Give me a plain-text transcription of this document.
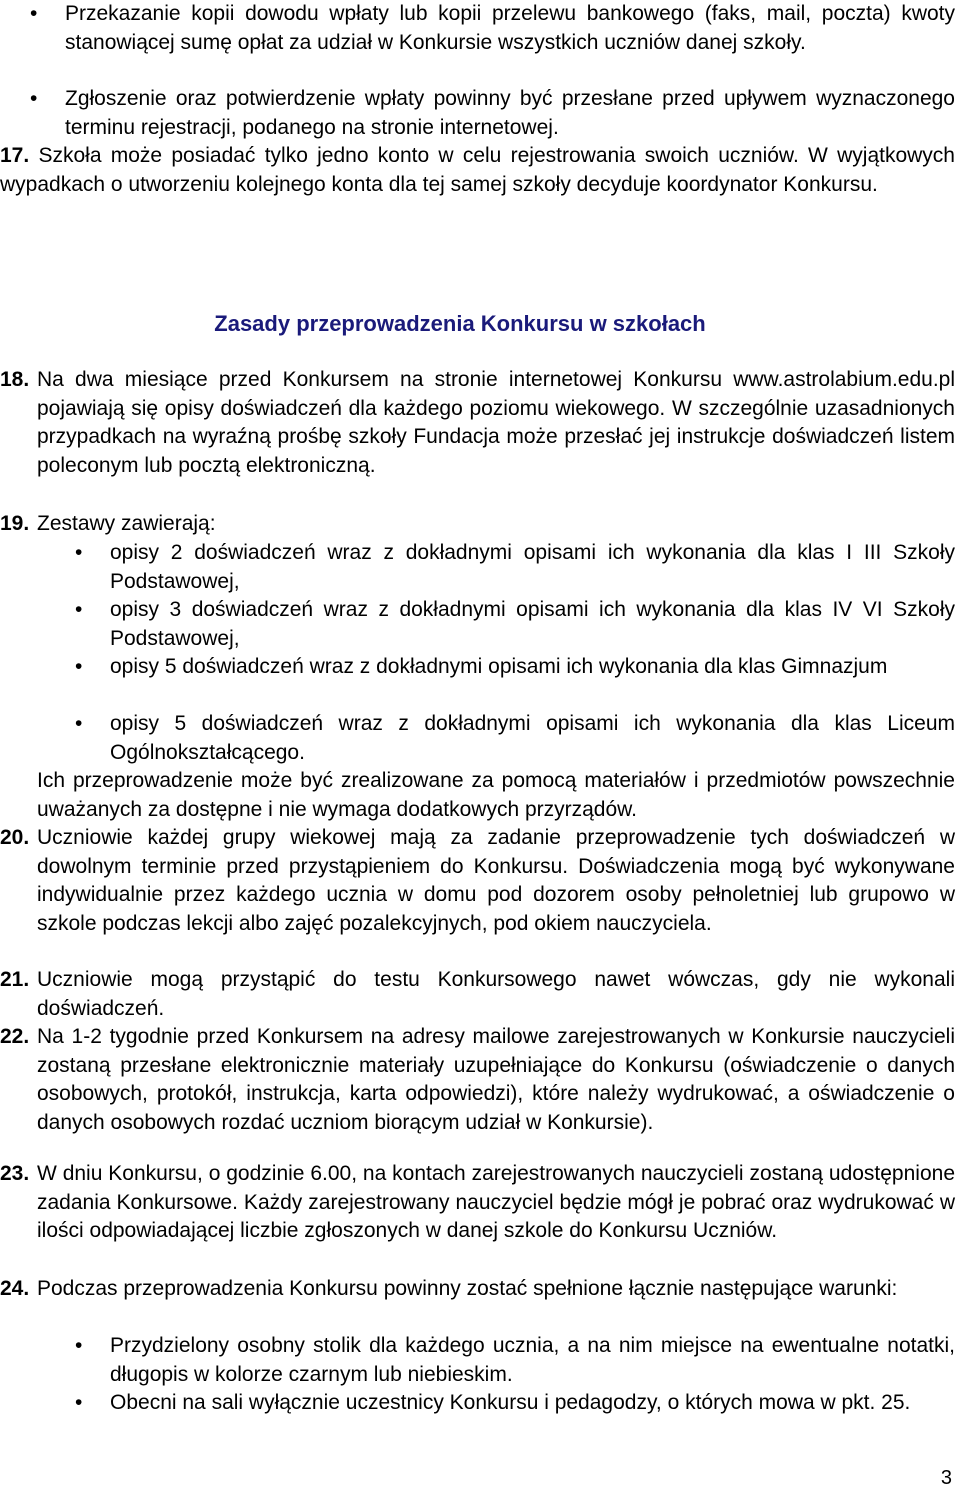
• Przekazanie kopii dowodu wpłaty lub kopii przelewu bankowego (faks, mail, poczta) kwoty stanowiącej sumę opłat za udział w Konkursie wszystkich uczniów danej szkoły.

• Zgłoszenie oraz potwierdzenie wpłaty powinny być przesłane przed upływem wyznaczonego terminu rejestracji, podanego na stronie internetowej.

17. Szkoła może posiadać tylko jedno konto w celu rejestrowania swoich uczniów. W wyjątkowych wypadkach o utworzeniu kolejnego konta dla tej samej szkoły decyduje koordynator Konkursu.

Zasady przeprowadzenia Konkursu w szkołach
18. Na dwa miesiące przed Konkursem na stronie internetowej Konkursu www.astrolabium.edu.pl pojawiają się opisy doświadczeń dla każdego poziomu wiekowego. W szczególnie uzasadnionych przypadkach na wyraźną prośbę szkoły Fundacja może przesłać jej instrukcje doświadczeń listem poleconym lub pocztą elektroniczną.

19. Zestawy zawierają:

• opisy 2 doświadczeń wraz z dokładnymi opisami ich wykonania dla klas I III Szkoły Podstawowej,

• opisy 3 doświadczeń wraz z dokładnymi opisami ich wykonania dla klas IV VI Szkoły Podstawowej,

• opisy 5 doświadczeń wraz z dokładnymi opisami ich wykonania dla klas Gimnazjum

• opisy 5 doświadczeń wraz z dokładnymi opisami ich wykonania dla klas Liceum Ogólnokształcącego.

Ich przeprowadzenie może być zrealizowane za pomocą materiałów i przedmiotów powszechnie uważanych za dostępne i nie wymaga dodatkowych przyrządów.

20. Uczniowie każdej grupy wiekowej mają za zadanie przeprowadzenie tych doświadczeń w dowolnym terminie przed przystąpieniem do Konkursu. Doświadczenia mogą być wykonywane indywidualnie przez każdego ucznia w domu pod dozorem osoby pełnoletniej lub grupowo w szkole podczas lekcji albo zajęć pozalekcyjnych, pod okiem nauczyciela.

21. Uczniowie mogą przystąpić do testu Konkursowego nawet wówczas, gdy nie wykonali doświadczeń.

22. Na 1-2 tygodnie przed Konkursem na adresy mailowe zarejestrowanych w Konkursie nauczycieli zostaną przesłane elektronicznie materiały uzupełniające do Konkursu (oświadczenie o danych osobowych, protokół, instrukcja, karta odpowiedzi), które należy wydrukować, a oświadczenie o danych osobowych rozdać uczniom biorącym udział w Konkursie).

23. W dniu Konkursu, o godzinie 6.00, na kontach zarejestrowanych nauczycieli zostaną udostępnione zadania Konkursowe. Każdy zarejestrowany nauczyciel będzie mógł je pobrać oraz wydrukować w ilości odpowiadającej liczbie zgłoszonych w danej szkole do Konkursu Uczniów.

24. Podczas przeprowadzenia Konkursu powinny zostać spełnione łącznie następujące warunki:

• Przydzielony osobny stolik dla każdego ucznia, a na nim miejsce na ewentualne notatki, długopis w kolorze czarnym lub niebieskim.

• Obecni na sali wyłącznie uczestnicy Konkursu i pedagodzy, o których mowa w pkt. 25.

3
